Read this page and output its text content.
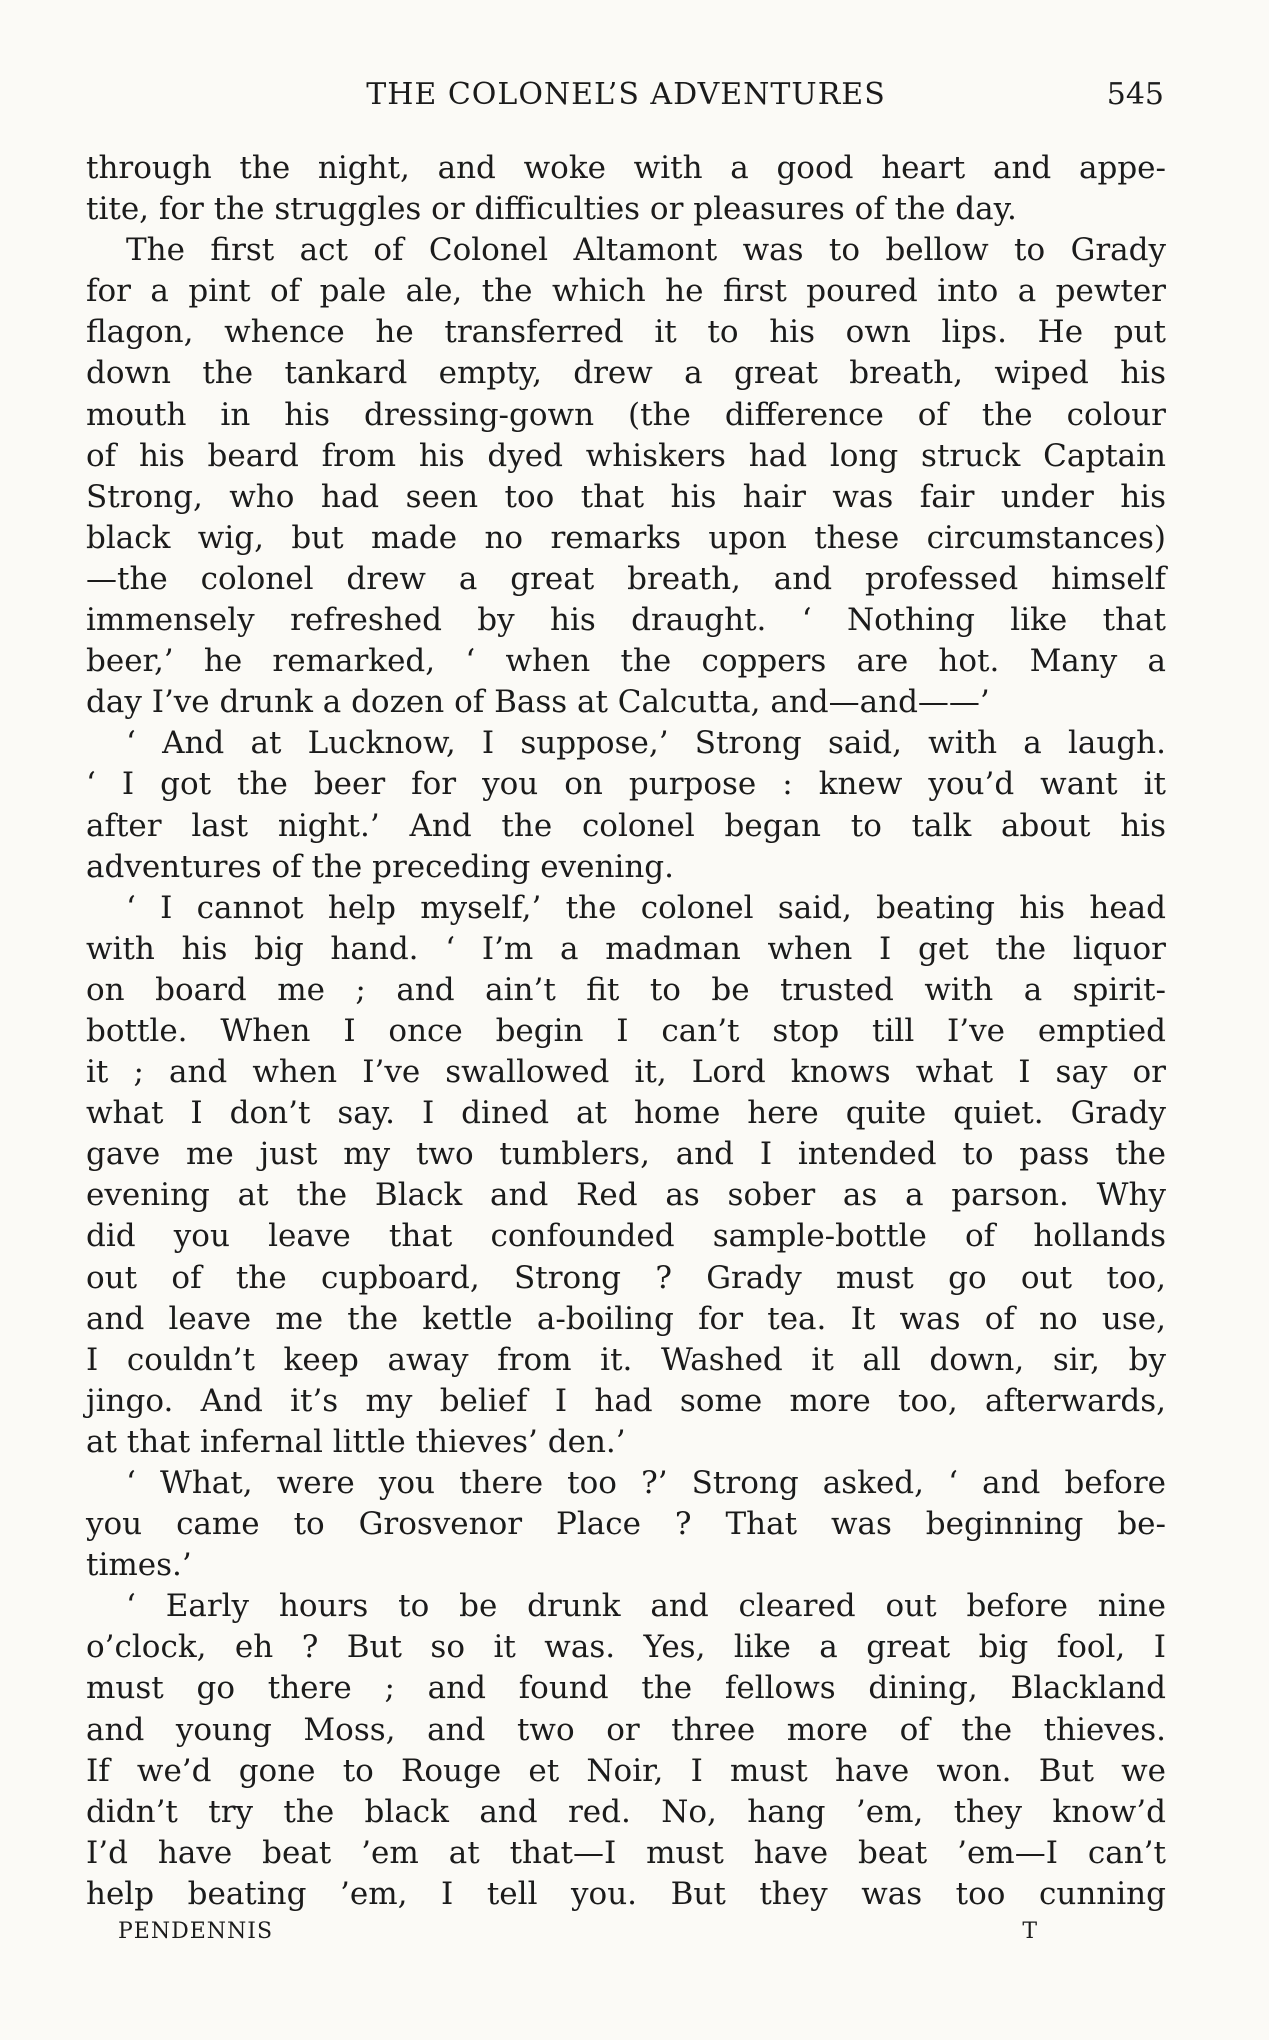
THE COLONEL’S ADVENTURES	545
through the night, and woke with a good heart and appe-
tite, for the struggles or difficulties or pleasures of the day.
The first act of Colonel Altamont was to bellow to Grady
for a pint of pale ale, the which he first poured into a pewter
flagon, whence he transferred it to his own lips. He put
down the tankard empty, drew a great breath, wiped his
mouth in his dressing-gown (the difference of the colour
of his beard from his dyed whiskers had long struck Captain
Strong, who had seen too that his hair was fair under his
black wig, but made no remarks upon these circumstances)
—the colonel drew a great breath, and professed himself
immensely refreshed by his draught. ‘ Nothing like that
beer,’ he remarked, ‘ when the coppers are hot. Many a
day I’ve drunk a dozen of Bass at Calcutta, and—and——’
‘ And at Lucknow, I suppose,’ Strong said, with a laugh.
‘ I got the beer for you on purpose : knew you’d want it
after last night.’ And the colonel began to talk about his
adventures of the preceding evening.
‘ I cannot help myself,’ the colonel said, beating his head
with his big hand. ‘ I’m a madman when I get the liquor
on board me ; and ain’t fit to be trusted with a spirit-
bottle. When I once begin I can’t stop till I’ve emptied
it ; and when I’ve swallowed it, Lord knows what I say or
what I don’t say. I dined at home here quite quiet. Grady
gave me just my two tumblers, and I intended to pass the
evening at the Black and Red as sober as a parson. Why
did you leave that confounded sample-bottle of hollands
out of the cupboard, Strong ? Grady must go out too,
and leave me the kettle a-boiling for tea. It was of no use,
I couldn’t keep away from it. Washed it all down, sir, by
jingo. And it’s my belief I had some more too, afterwards,
at that infernal little thieves’ den.’
‘ What, were you there too ?’ Strong asked, ‘ and before
you came to Grosvenor Place ? That was beginning be-
times.’
‘ Early hours to be drunk and cleared out before nine
o’clock, eh ? But so it was. Yes, like a great big fool, I
must go there ; and found the fellows dining, Blackland
and young Moss, and two or three more of the thieves.
If we’d gone to Rouge et Noir, I must have won. But we
didn’t try the black and red. No, hang ’em, they know’d
I’d have beat ’em at that—I must have beat ’em—I can’t
help beating ’em, I tell you. But they was too cunning
PENDENNIS	T
